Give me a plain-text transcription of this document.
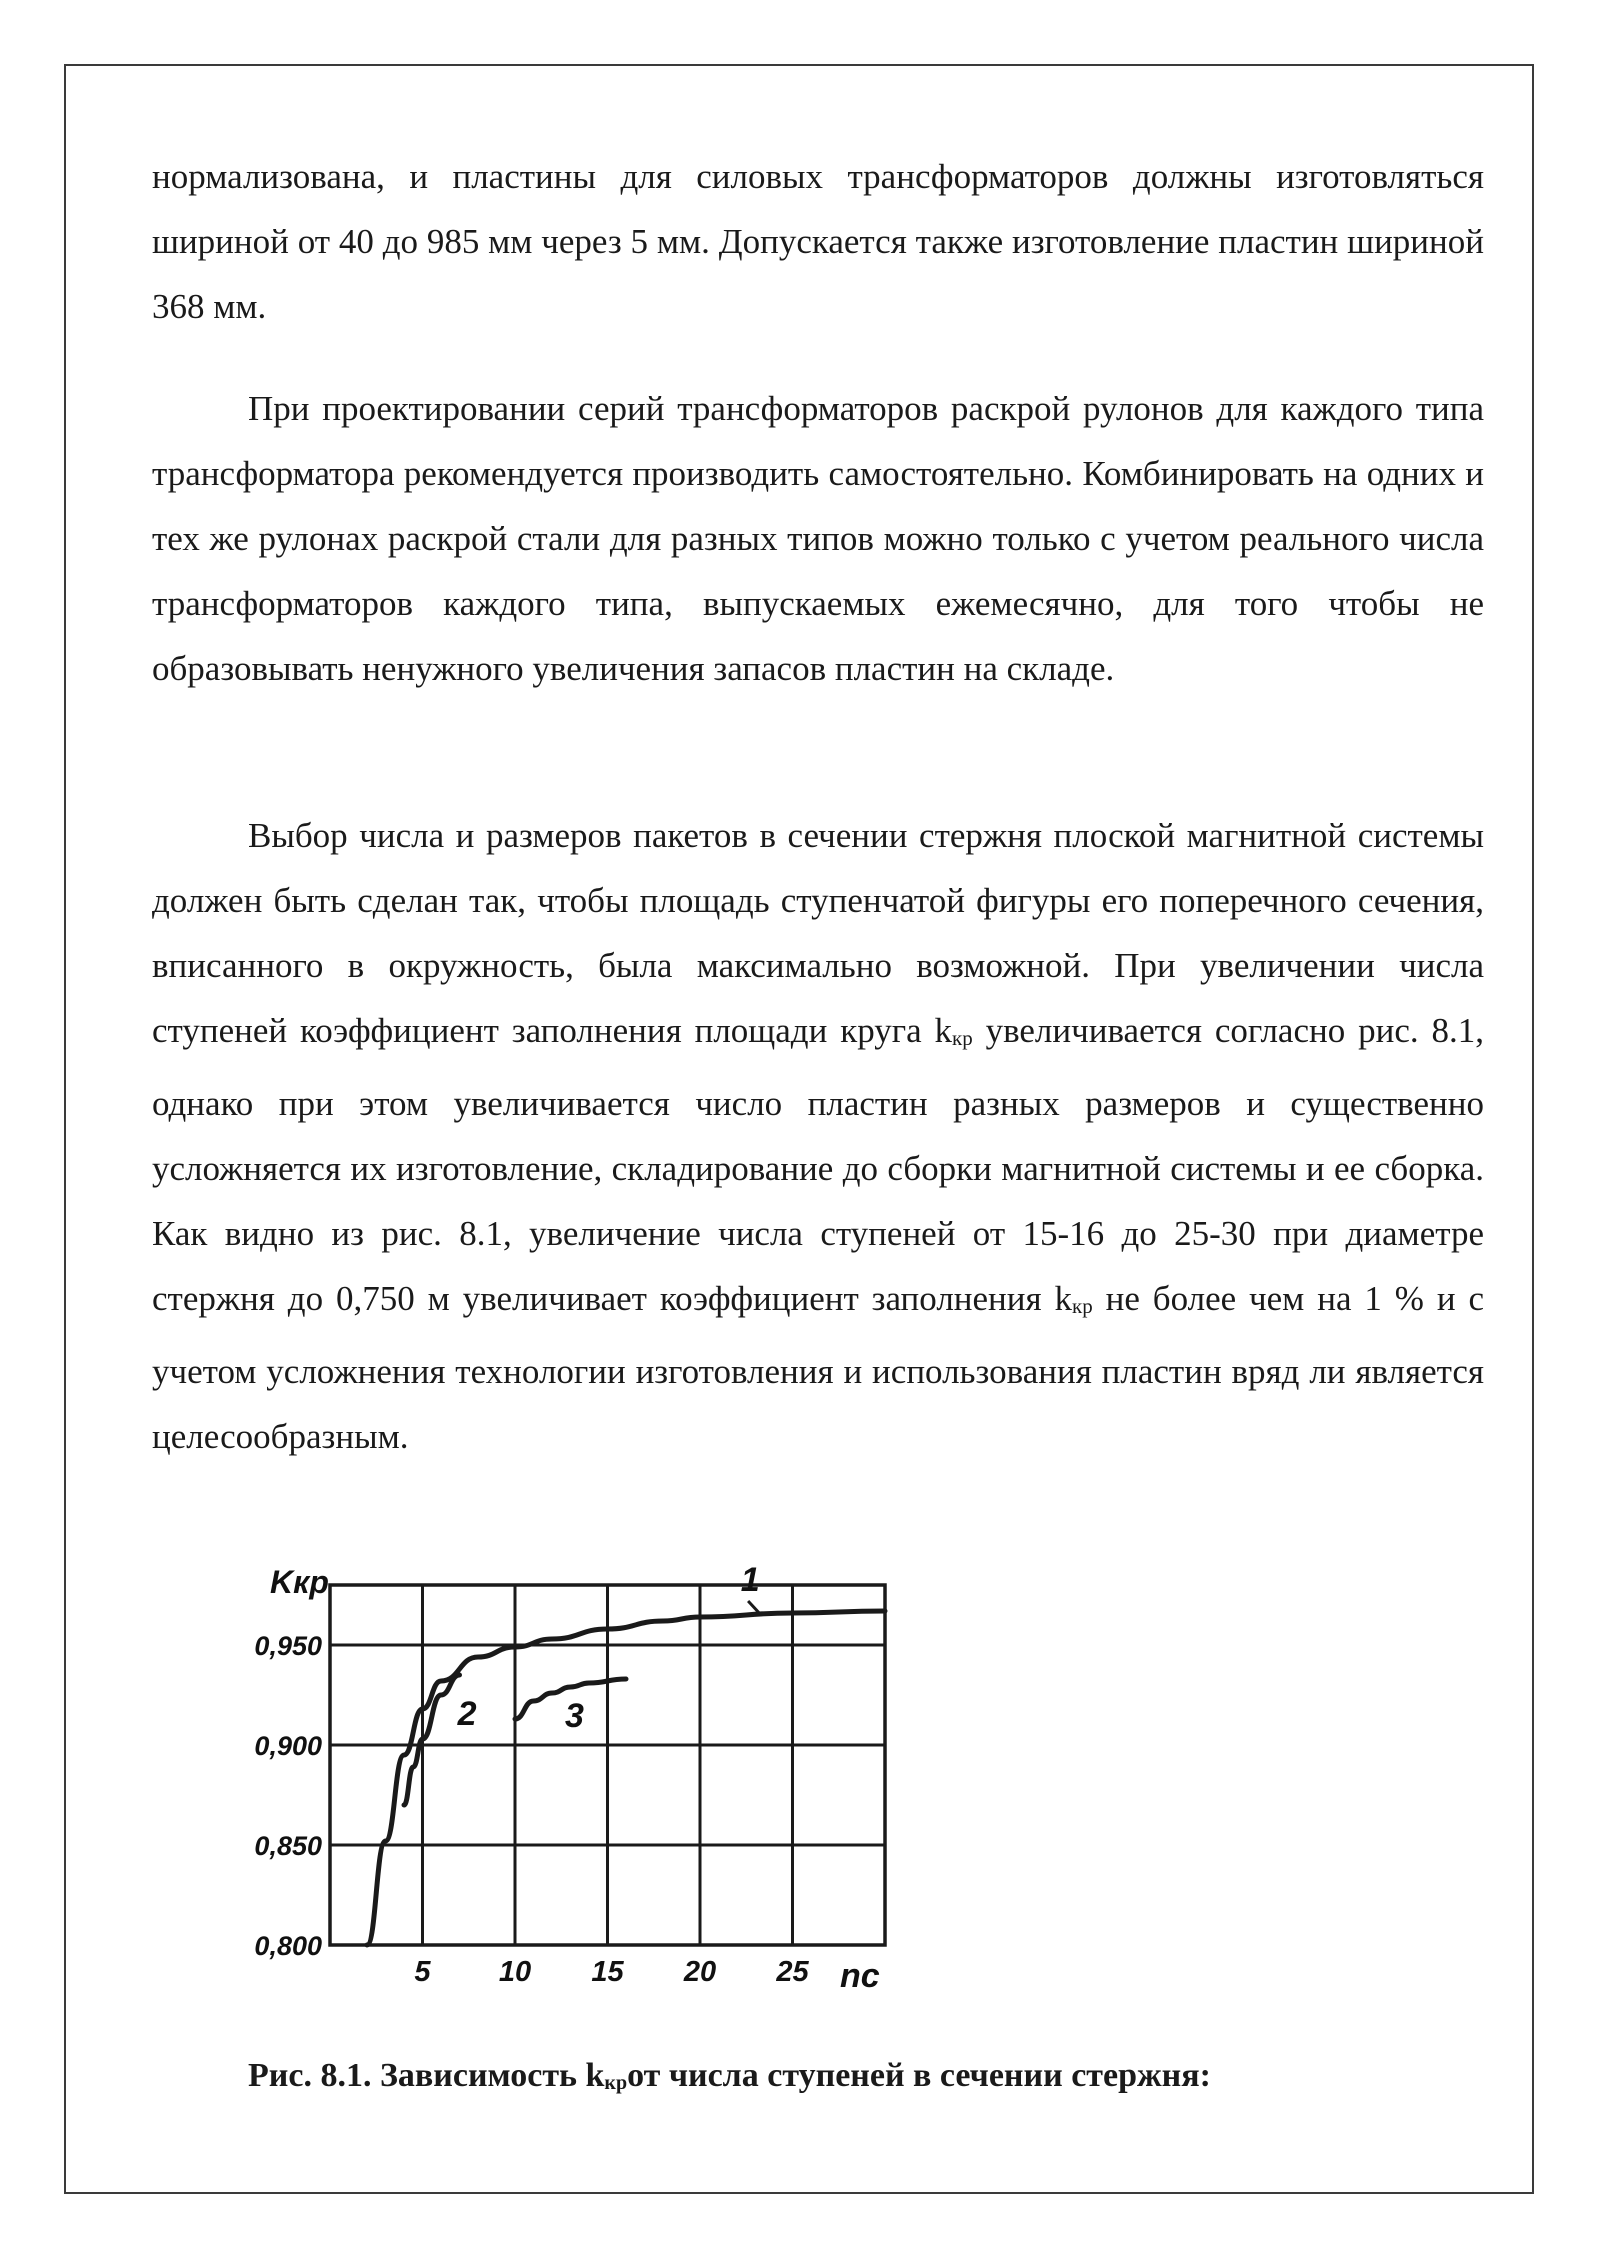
нормализована, и пластины для силовых трансформаторов должны изготовляться шириной от 40 до 985 мм через 5 мм. Допускается также изготовление пластин шириной 368 мм.

При проектировании серий трансформаторов раскрой рулонов для каждого типа трансформатора рекомендуется производить самостоятельно. Комбинировать на одних и тех же рулонах раскрой стали для разных типов можно только с учетом реального числа трансформаторов каждого типа, выпускаемых ежемесячно, для того чтобы не образовывать ненужного увеличения запасов пластин на складе.

Выбор числа и размеров пакетов в сечении стержня плоской магнитной системы должен быть сделан так, чтобы площадь ступенчатой фигуры его поперечного сечения, вписанного в окружность, была максимально возможной. При увеличении числа ступеней коэффициент заполнения площади круга kкр увеличивается согласно рис. 8.1, однако при этом увеличивается число пластин разных размеров и существенно усложняется их изготовление, складирование до сборки магнитной системы и ее сборка. Как видно из рис. 8.1, увеличение числа ступеней от 15-16 до 25-30 при диаметре стержня до 0,750 м увеличивает коэффициент заполнения kкр не более чем на 1 % и с учетом усложнения технологии изготовления и использования пластин вряд ли является целесообразным.

0,800
0,850
0,900
0,950
5 10 15 20 25
Kкр
nс
1
2	3
Рис. 8.1. Зависимость kкрот числа ступеней в сечении стержня:
